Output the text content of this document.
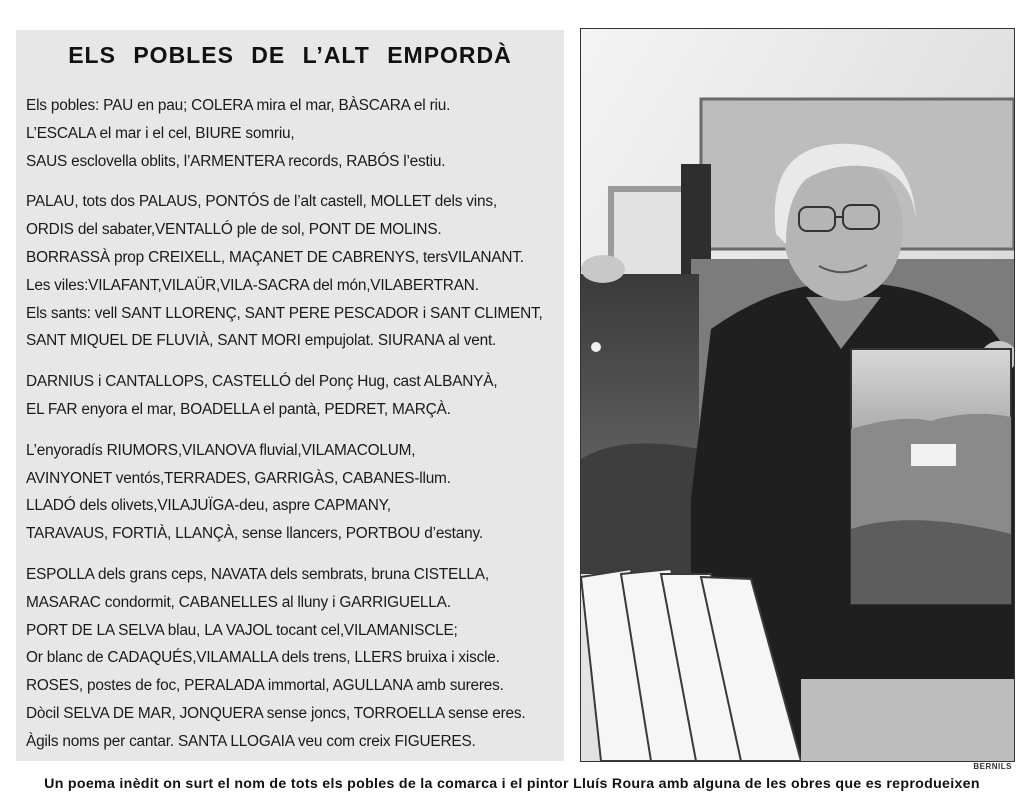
ELS POBLES DE L’ALT EMPORDÀ
Els pobles: PAU en pau; COLERA mira el mar, BÀSCARA el riu.
L’ESCALA el mar i el cel, BIURE somriu,
SAUS esclovella oblits, l’ARMENTERA records, RABÓS l’estiu.
PALAU, tots dos PALAUS, PONTÓS de l’alt castell, MOLLET dels vins,
ORDIS del sabater,VENTALLÓ ple de sol, PONT DE MOLINS.
BORRASSÀ prop CREIXELL, MAÇANET DE CABRENYS, tersVILANANT.
Les viles:VILAFANT,VILAÜR,VILA-SACRA del món,VILABERTRAN.
Els sants: vell SANT LLORENÇ, SANT PERE PESCADOR i SANT CLIMENT,
SANT MIQUEL DE FLUVIÀ, SANT MORI empujolat. SIURANA al vent.
DARNIUS i CANTALLOPS, CASTELLÓ del Ponç Hug, cast ALBANYÀ,
EL FAR enyora el mar, BOADELLA el pantà, PEDRET, MARÇÀ.
L’enyoradís RIUMORS,VILANOVA fluvial,VILAMACOLUM,
AVINYONET ventós,TERRADES, GARRIGÀS, CABANES-llum.
LLADÓ dels olivets,VILAJUÏGA-deu, aspre CAPMANY,
TARAVAUS, FORTIÀ, LLANÇÀ, sense llancers, PORTBOU d’estany.
ESPOLLA dels grans ceps, NAVATA dels sembrats, bruna CISTELLA,
MASARAC condormit, CABANELLES al lluny i GARRIGUELLA.
PORT DE LA SELVA blau, LA VAJOL tocant cel,VILAMANISCLE;
Or blanc de CADAQUÉS,VILAMALLA dels trens, LLERS bruixa i xiscle.
ROSES, postes de foc, PERALADA immortal, AGULLANA amb sureres.
Dòcil SELVA DE MAR, JONQUERA sense joncs, TORROELLA sense eres.
Àgils noms per cantar. SANTA LLOGAIA veu com creix FIGUERES.
BERNILS
Un poema inèdit on surt el nom de tots els pobles de la comarca i el pintor Lluís Roura amb alguna de les obres que es reprodueixen
